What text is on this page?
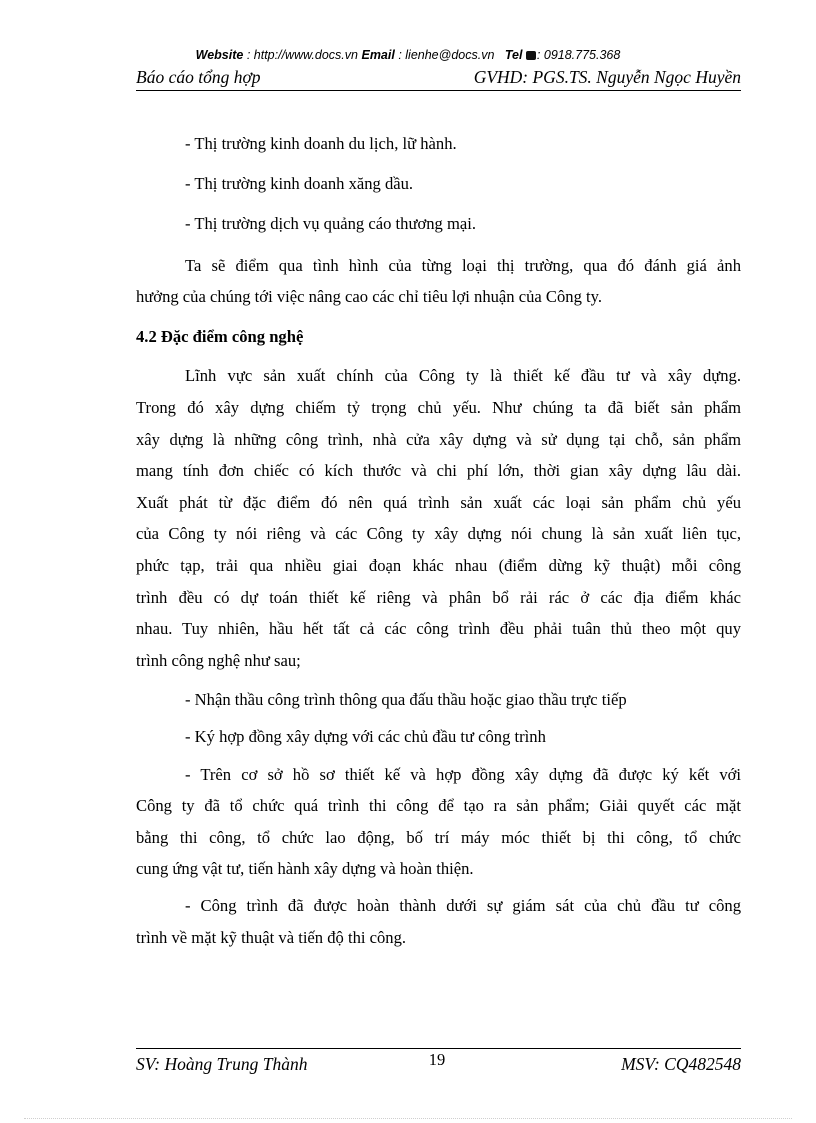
Website : http://www.docs.vn Email : lienhe@docs.vn Tel : 0918.775.368
Báo cáo tổng hợp	GVHD: PGS.TS. Nguyễn Ngọc Huyền
- Thị trường kinh doanh du lịch, lữ hành.
- Thị trường kinh doanh xăng dầu.
- Thị trường dịch vụ quảng cáo thương mại.
Ta sẽ điểm qua tình hình của từng loại thị trường, qua đó đánh giá ảnh
hưởng của chúng tới việc nâng cao các chỉ tiêu lợi nhuận của Công ty.
4.2 Đặc điểm công nghệ
Lĩnh vực sản xuất chính của Công ty là thiết kế đầu tư và xây dựng.
Trong đó xây dựng chiếm tỷ trọng chủ yếu. Như chúng ta đã biết sản phẩm
xây dựng là những công trình, nhà cửa xây dựng và sử dụng tại chỗ, sản phẩm
mang tính đơn chiếc có kích thước và chi phí lớn, thời gian xây dựng lâu dài.
Xuất phát từ đặc điểm đó nên quá trình sản xuất các loại sản phẩm chủ yếu
của Công ty nói riêng và các Công ty xây dựng nói chung là sản xuất liên tục,
phức tạp, trải qua nhiều giai đoạn khác nhau (điểm dừng kỹ thuật) mỗi công
trình đều có dự toán thiết kế riêng và phân bổ rải rác ở các địa điểm khác
nhau. Tuy nhiên, hầu hết tất cả các công trình đều phải tuân thủ theo một quy
trình công nghệ như sau;
- Nhận thầu công trình thông qua đấu thầu hoặc giao thầu trực tiếp
- Ký hợp đồng xây dựng với các chủ đầu tư công trình
- Trên cơ sở hồ sơ thiết kế và hợp đồng xây dựng đã được ký kết với
Công ty đã tổ chức quá trình thi công để tạo ra sản phẩm; Giải quyết các mặt
bằng thi công, tổ chức lao động, bố trí máy móc thiết bị thi công, tổ chức
cung ứng vật tư, tiến hành xây dựng và hoàn thiện.
- Công trình đã được hoàn thành dưới sự giám sát của chủ đầu tư công
trình về mặt kỹ thuật và tiến độ thi công.
SV: Hoàng Trung Thành	19	MSV: CQ482548
